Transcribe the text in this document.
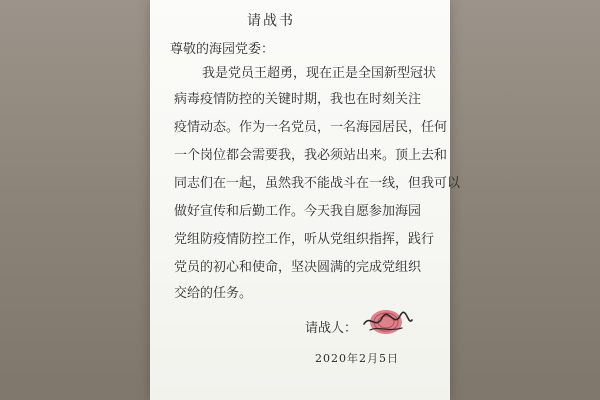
请战书
尊敬的海园党委：
我是党员王超勇，现在正是全国新型冠状
病毒疫情防控的关键时期，我也在时刻关注
疫情动态。作为一名党员，一名海园居民，任何
一个岗位都会需要我，我必须站出来。顶上去和
同志们在一起，虽然我不能战斗在一线，但我可以
做好宣传和后勤工作。今天我自愿参加海园
党组防疫情防控工作，听从党组织指挥，践行
党员的初心和使命，坚决圆满的完成党组织
交给的任务。
请战人：
2020年2月5日
